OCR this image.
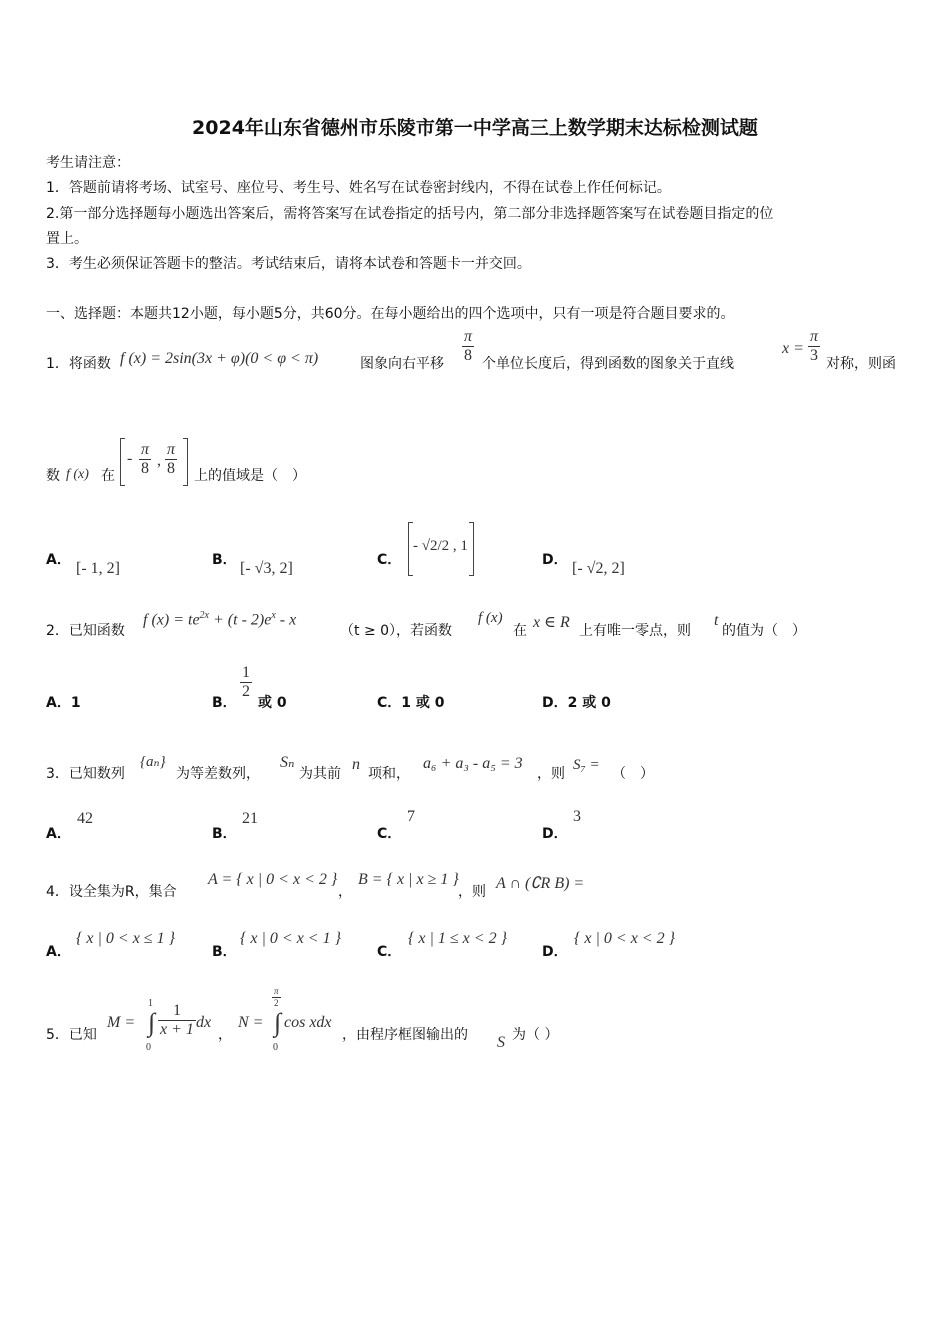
2024年山东省德州市乐陵市第一中学高三上数学期末达标检测试题
考生请注意：
1．答题前请将考场、试室号、座位号、考生号、姓名写在试卷密封线内，不得在试卷上作任何标记。
2.第一部分选择题每小题选出答案后，需将答案写在试卷指定的括号内，第二部分非选择题答案写在试卷题目指定的位
置上。
3．考生必须保证答题卡的整洁。考试结束后，请将本试卷和答题卡一并交回。
一、选择题：本题共12小题，每小题5分，共60分。在每小题给出的四个选项中，只有一项是符合题目要求的。
1．将函数 f (x) = 2sin(3x + φ)(0 < φ < π)	图象向右平移 $\frac{\pi}{8}$ 个单位长度后，得到函数的图象关于直线
$x = \frac{\pi}{3}$ 对称，则函
数 f (x) 在
- $\frac{\pi}{8}$ , $\frac{\pi}{8}$ 上的值域是（　）
A． [- 1, 2]	B． [- √3, 2]	C．
- √2/2 , 1
D． [- √2, 2]
2．已知函数
f $(x) = te^{2x} + (t - 2)e^x - x$
（t ≥ 0），若函数
f (x)
在 x ∈ R 上有唯一零点，则
t
的值为（　）
A．1	B．
$\frac{1}{2}$
或 0	C．1 或 0	D．2 或 0
3．已知数列
{aₙ}
为等差数列，
Sₙ
为其前
n
项和，
a₆ + a₃ - a₅ = 3
，则
S₇ =
（　）
A．
42
B．
21
C．
7
D．
3
4．设全集为R，集合
A = { x | 0 < x < 2 }
，
B = { x | x ≥ 1 }
，则 A ∩ (∁R B) =
A．
{ x | 0 < x ≤ 1 }
B．
{ x | 0 < x < 1 }
C．
{ x | 1 ≤ x < 2 }
D．
{ x | 0 < x < 2 }
5．已知
M = ∫
1
0
$\frac{1}{x + 1}$ dx
，
N =
$\frac{\pi}{2}$
∫
0
cos xdx
，由程序框图输出的 S 为（ ）
